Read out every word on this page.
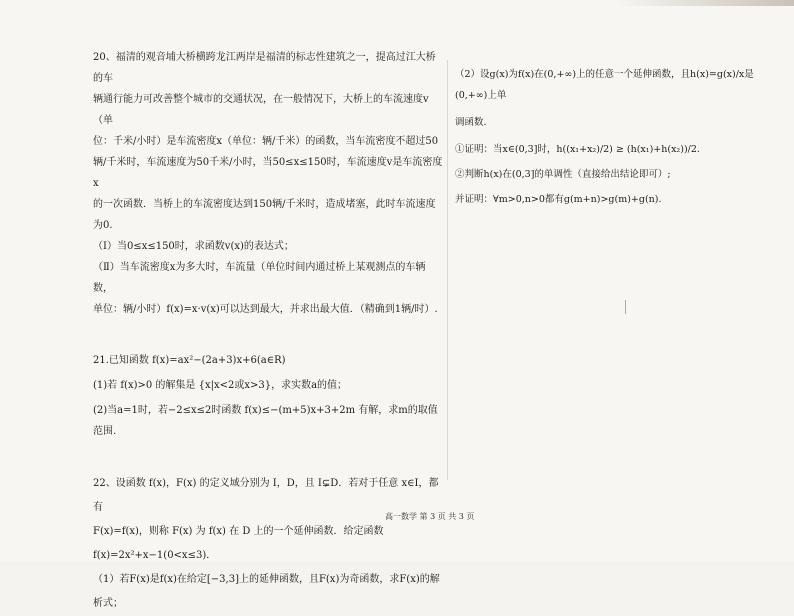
20、福清的观音埔大桥横跨龙江两岸是福清的标志性建筑之一，提高过江大桥的车

辆通行能力可改善整个城市的交通状况，在一般情况下，大桥上的车流速度v（单

位：千米/小时）是车流密度x（单位：辆/千米）的函数，当车流密度不超过50

辆/千米时，车流速度为50千米/小时，当50≤x≤150时，车流速度v是车流密度x

的一次函数．当桥上的车流密度达到150辆/千米时，造成堵塞，此时车流速度

为0.

（Ⅰ）当0≤x≤150时，求函数v(x)的表达式；

（Ⅱ）当车流密度x为多大时，车流量（单位时间内通过桥上某观测点的车辆数，

单位：辆/小时）f(x)=x·v(x)可以达到最大，并求出最大值．（精确到1辆/时）.

21.已知函数 f(x)=ax²−(2a+3)x+6(a∈R)

(1)若 f(x)>0 的解集是 {x|x<2或x>3}，求实数a的值；

(2)当a=1时，若−2≤x≤2时函数 f(x)≤−(m+5)x+3+2m 有解，求m的取值范围.

22、设函数 f(x)，F(x) 的定义域分别为 I，D，且 I⊊D．若对于任意 x∈I，都有

F(x)=f(x)，则称 F(x) 为 f(x) 在 D 上的一个延伸函数．给定函数

f(x)=2x²+x−1(0<x≤3)．

（1）若F(x)是f(x)在给定[−3,3]上的延伸函数，且F(x)为奇函数，求F(x)的解

析式；

（2）设g(x)为f(x)在(0,+∞)上的任意一个延伸函数，且h(x)=g(x)/x是(0,+∞)上单

调函数.

①证明：当x∈(0,3]时，h((x₁+x₂)/2) ≥ (h(x₁)+h(x₂))/2.

②判断h(x)在(0,3]的单调性（直接给出结论即可）;

并证明：∀m>0,n>0都有g(m+n)>g(m)+g(n).

高一数学 第 3 页 共 3 页
